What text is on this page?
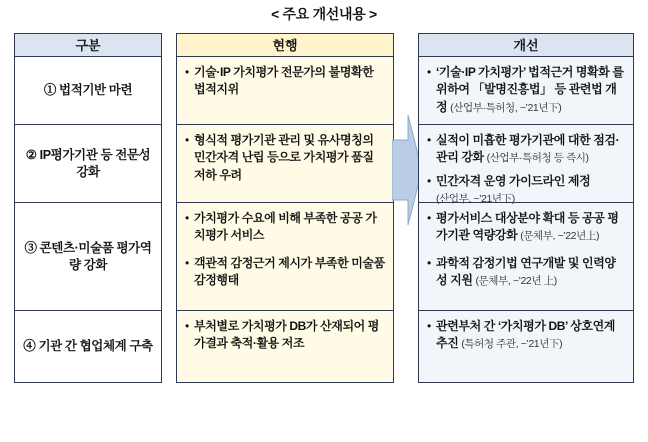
< 주요 개선내용 >
구분
① 법적기반 마련
② IP평가기관 등 전문성 강화
③ 콘텐츠·미술품 평가역량 강화
④ 기관 간 협업체계 구축
현행
• 기술·IP 가치평가 전문가의 불명확한 법적지위
• 형식적 평가기관 관리 및 유사명칭의 민간자격 난립 등으로 가치평가 품질 저하 우려
• 가치평가 수요에 비해 부족한 공공 가치평가 서비스
• 객관적 감정근거 제시가 부족한 미술품 감정행태
• 부처별로 가치평가 DB가 산재되어 평가결과 축적·활용 저조
개선
• ‘기술·IP 가치평가’ 법적근거 명확화 를 위하여 「발명진흥법」 등 관련법 개정 (산업부·특허청, ~’21년下)
• 실적이 미흡한 평가기관에 대한 점검·관리 강화 (산업부·특허청 등 즉시)
• 민간자격 운영 가이드라인 제정
(산업부, ~’21년下)
• 평가서비스 대상분야 확대 등 공공 평가기관 역량강화 (문체부, ~’22년上)
• 과학적 감정기법 연구개발 및 인력양성 지원 (문체부, ~’22년 上)
• 관련부처 간 ‘가치평가 DB’ 상호연계 추진 (특허청 주관, ~’21년下)
